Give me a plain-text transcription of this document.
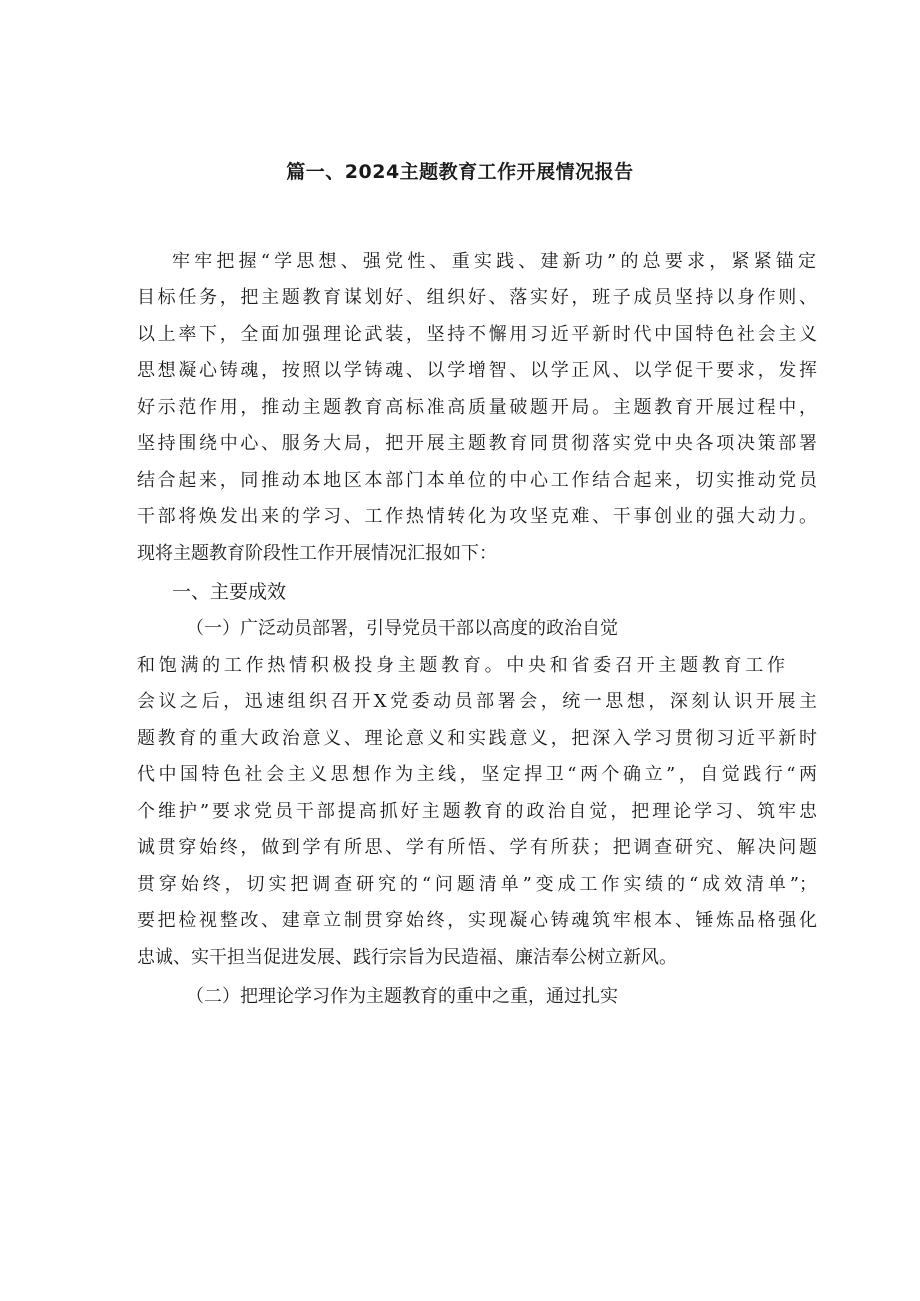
篇一、2024主题教育工作开展情况报告
牢牢把握“学思想、强党性、重实践、建新功”的总要求，紧紧锚定
目标任务，把主题教育谋划好、组织好、落实好，班子成员坚持以身作则、
以上率下，全面加强理论武装，坚持不懈用习近平新时代中国特色社会主义
思想凝心铸魂，按照以学铸魂、以学增智、以学正风、以学促干要求，发挥
好示范作用，推动主题教育高标准高质量破题开局。主题教育开展过程中，
坚持围绕中心、服务大局，把开展主题教育同贯彻落实党中央各项决策部署
结合起来，同推动本地区本部门本单位的中心工作结合起来，切实推动党员
干部将焕发出来的学习、工作热情转化为攻坚克难、干事创业的强大动力。
现将主题教育阶段性工作开展情况汇报如下：
一、主要成效
（一）广泛动员部署，引导党员干部以高度的政治自觉
和饱满的工作热情积极投身主题教育。中央和省委召开主题教育工作
会议之后，迅速组织召开X党委动员部署会，统一思想，深刻认识开展主
题教育的重大政治意义、理论意义和实践意义，把深入学习贯彻习近平新时
代中国特色社会主义思想作为主线，坚定捍卫“两个确立”，自觉践行“两
个维护”要求党员干部提高抓好主题教育的政治自觉，把理论学习、筑牢忠
诚贯穿始终，做到学有所思、学有所悟、学有所获；把调查研究、解决问题
贯穿始终，切实把调查研究的“问题清单”变成工作实绩的“成效清单”；
要把检视整改、建章立制贯穿始终，实现凝心铸魂筑牢根本、锤炼品格强化
忠诚、实干担当促进发展、践行宗旨为民造福、廉洁奉公树立新风。
（二）把理论学习作为主题教育的重中之重，通过扎实
